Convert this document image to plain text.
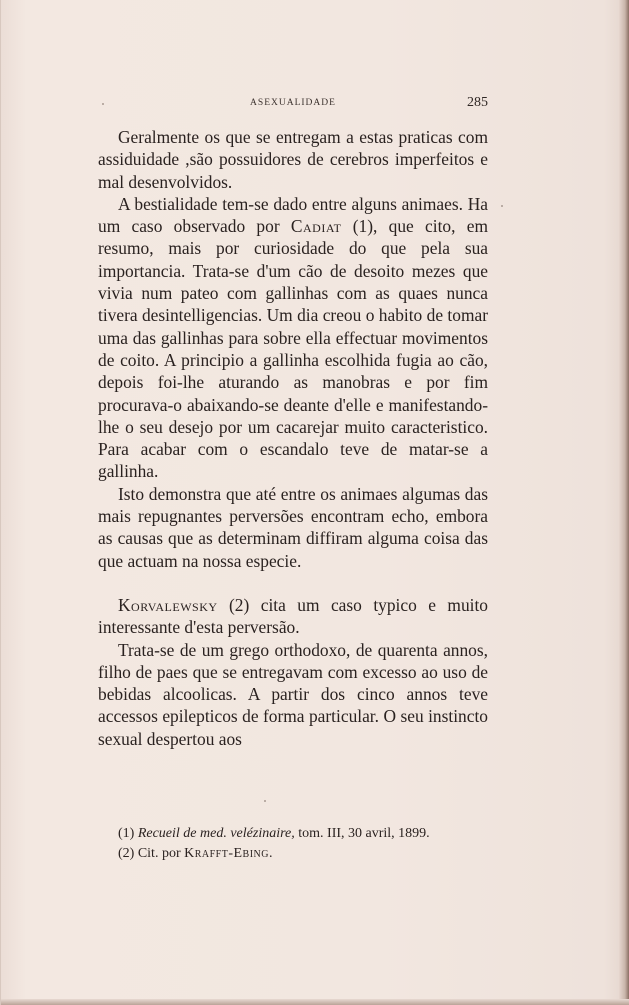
ASEXUALIDADE	285

Geralmente os que se entregam a estas praticas com assiduidade ,são possuidores de cerebros imperfeitos e mal desenvolvidos.

A bestialidade tem-se dado entre alguns animaes. Ha um caso observado por Cadiat (1), que cito, em resumo, mais por curiosidade do que pela sua importancia. Trata-se d'um cão de desoito mezes que vivia num pateo com gallinhas com as quaes nunca tivera desintelligencias. Um dia creou o habito de tomar uma das gallinhas para sobre ella effectuar movimentos de coito. A principio a gallinha escolhida fugia ao cão, depois foi-lhe aturando as manobras e por fim procurava-o abaixando-se deante d'elle e manifestando-lhe o seu desejo por um cacarejar muito caracteristico. Para acabar com o escandalo teve de matar-se a gallinha.

Isto demonstra que até entre os animaes algumas das mais repugnantes perversões encontram echo, embora as causas que as determinam diffiram alguma coisa das que actuam na nossa especie.

Korvalewsky (2) cita um caso typico e muito interessante d'esta perversão.

Trata-se de um grego orthodoxo, de quarenta annos, filho de paes que se entregavam com excesso ao uso de bebidas alcoolicas. A partir dos cinco annos teve accessos epilepticos de forma particular. O seu instincto sexual despertou aos

(1) Recueil de med. velézinaire, tom. III, 30 avril, 1899.
(2) Cit. por Krafft-Ebing.
